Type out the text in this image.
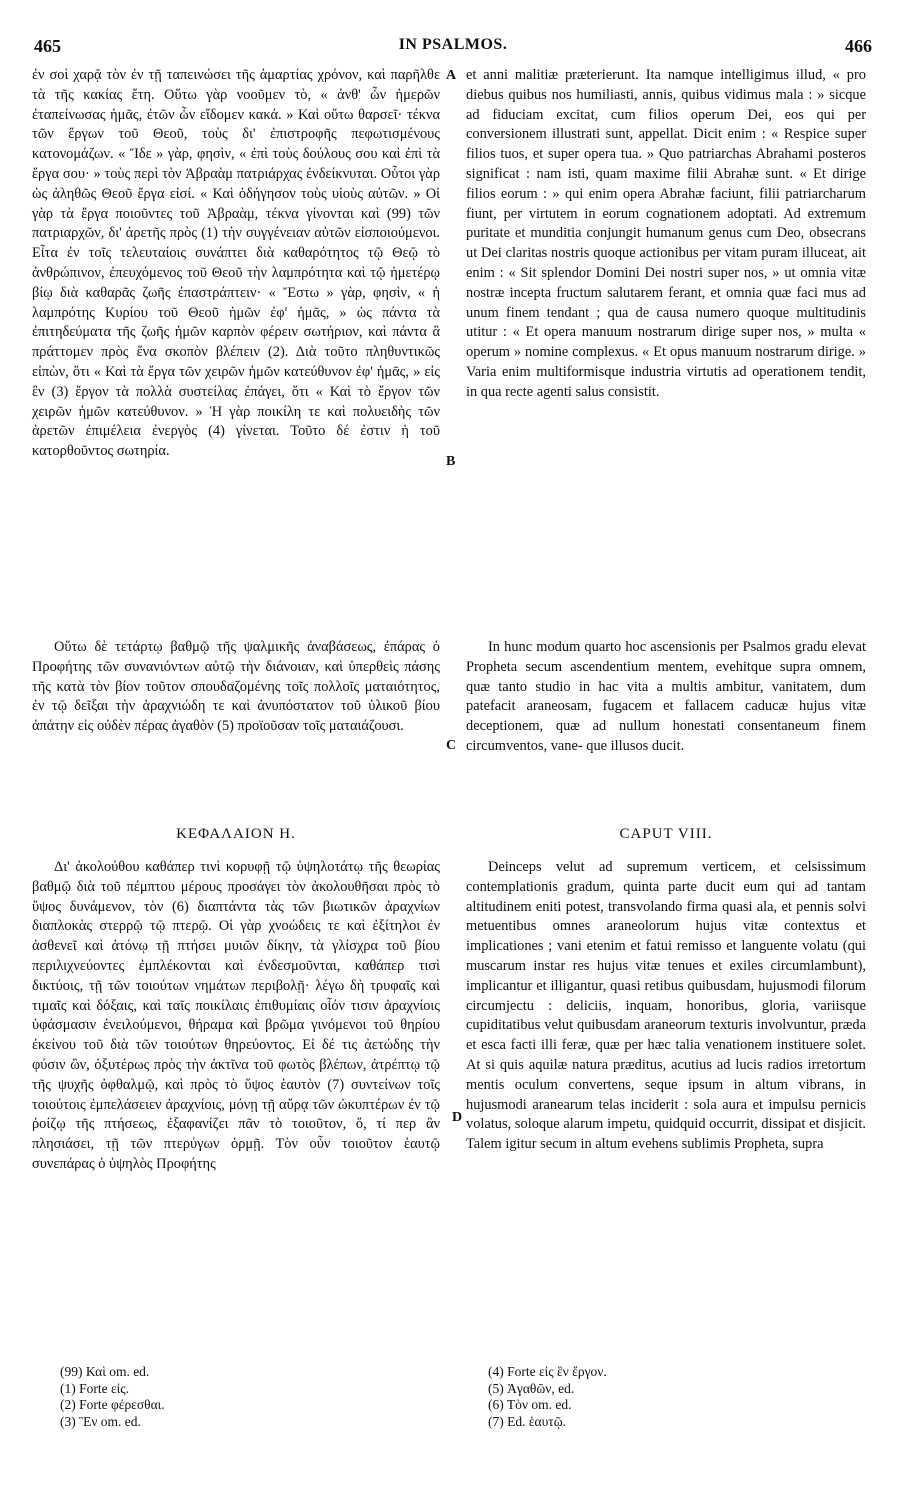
465	IN PSALMOS.	466

ἐν σοὶ χαρᾷ τὸν ἐν τῇ ταπεινώσει τῆς ἁμαρτίας χρόνον, καὶ παρῆλθε τὰ τῆς κακίας ἔτη. Οὕτω γὰρ νοοῦμεν τὸ, « ἀνθ' ὧν ἡμερῶν ἐταπείνωσας ἡμᾶς, ἐτῶν ὧν εἴδομεν κακά. » Καὶ οὕτω θαρσεῖ· τέκνα τῶν ἔργων τοῦ Θεοῦ, τοὺς δι' ἐπιστροφῆς πεφωτισμένους κατονομάζων. « Ἴδε » γὰρ, φησὶν, « ἐπὶ τοὺς δούλους σου καὶ ἐπὶ τὰ ἔργα σου· » τοὺς περὶ τὸν Ἀβραὰμ πατριάρχας ἐνδείκνυται. Οὗτοι γὰρ ὡς ἀληθῶς Θεοῦ ἔργα εἰσί. « Καὶ ὁδήγησον τοὺς υἱοὺς αὐτῶν. » Οἱ γὰρ τὰ ἔργα ποιοῦντες τοῦ Ἀβραὰμ, τέκνα γίνονται καὶ (99) τῶν πατριαρχῶν, δι' ἀρετῆς πρὸς (1) τὴν συγγένειαν αὐτῶν εἰσποιούμενοι. Εἶτα ἐν τοῖς τελευταίοις συνάπτει διὰ καθαρότητος τῷ Θεῷ τὸ ἀνθρώπινον, ἐπευχόμενος τοῦ Θεοῦ τὴν λαμπρότητα καὶ τῷ ἡμετέρῳ βίῳ διὰ καθαρᾶς ζωῆς ἐπαστράπτειν· « Ἔστω » γὰρ, φησὶν, « ἡ λαμπρότης Κυρίου τοῦ Θεοῦ ἡμῶν ἐφ' ἡμᾶς, » ὡς πάντα τὰ ἐπιτηδεύματα τῆς ζωῆς ἡμῶν καρπὸν φέρειν σωτήριον, καὶ πάντα ἃ πράττομεν πρὸς ἕνα σκοπὸν βλέπειν (2). Διὰ τοῦτο πληθυντικῶς εἰπὼν, ὅτι « Καὶ τὰ ἔργα τῶν χειρῶν ἡμῶν κατεύθυνον ἐφ' ἡμᾶς, » εἰς ἓν (3) ἔργον τὰ πολλὰ συστείλας ἐπάγει, ὅτι « Καὶ τὸ ἔργον τῶν χειρῶν ἡμῶν κατεύθυνον. » Ἡ γὰρ ποικίλη τε καὶ πολυειδὴς τῶν ἀρετῶν ἐπιμέλεια ἐνεργὸς (4) γίνεται. Τοῦτο δέ ἐστιν ἡ τοῦ κατορθοῦντος σωτηρία.

A
B

et anni malitiæ præterierunt. Ita namque intelligimus illud, « pro diebus quibus nos humiliasti, annis, quibus vidimus mala : » sicque ad fiduciam excitat, cum filios operum Dei, eos qui per conversionem illustrati sunt, appellat. Dicit enim : « Respice super filios tuos, et super opera tua. » Quo patriarchas Abrahami posteros significat : nam isti, quam maxime filii Abrahæ sunt. « Et dirige filios eorum : » qui enim opera Abrahæ faciunt, filii patriarcharum fiunt, per virtutem in eorum cognationem adoptati. Ad extremum puritate et munditia conjungit humanum genus cum Deo, obsecrans ut Dei claritas nostris quoque actionibus per vitam puram illuceat, ait enim : « Sit splendor Domini Dei nostri super nos, » ut omnia vitæ nostræ incepta fructum salutarem ferant, et omnia quæ faci mus ad unum finem tendant ; qua de causa numero quoque multitudinis utitur : « Et opera manuum nostrarum dirige super nos, » multa « operum » nomine complexus. « Et opus manuum nostrarum dirige. » Varia enim multiformisque industria virtutis ad operationem tendit, in qua recte agenti salus consistit.

Οὕτω δὲ τετάρτῳ βαθμῷ τῆς ψαλμικῆς ἀναβάσεως, ἐπάρας ὁ Προφήτης τῶν συνανιόντων αὐτῷ τὴν διάνοιαν, καὶ ὑπερθεὶς πάσης τῆς κατὰ τὸν βίον τοῦτον σπουδαζομένης τοῖς πολλοῖς ματαιότητος, ἐν τῷ δεῖξαι τὴν ἀραχνιώδη τε καὶ ἀνυπόστατον τοῦ ὑλικοῦ βίου ἀπάτην εἰς οὐδὲν πέρας ἀγαθὸν (5) προϊοῦσαν τοῖς ματαιάζουσι.

C

In hunc modum quarto hoc ascensionis per Psalmos gradu elevat Propheta secum ascendentium mentem, evehitque supra omnem, quæ tanto studio in hac vita a multis ambitur, vanitatem, dum patefacit araneosam, fugacem et fallacem caducæ hujus vitæ deceptionem, quæ ad nullum honestati consentaneum finem circumventos, vane- que illusos ducit.

ΚΕΦΑΛΑΙΟΝ Η.	CAPUT VIII.

Δι' ἀκολούθου καθάπερ τινὶ κορυφῇ τῷ ὑψηλοτάτῳ τῆς θεωρίας βαθμῷ διὰ τοῦ πέμπτου μέρους προσάγει τὸν ἀκολουθῆσαι πρὸς τὸ ὕψος δυνάμενον, τὸν (6) διαπτάντα τὰς τῶν βιωτικῶν ἀραχνίων διαπλοκὰς στερρῷ τῷ πτερῷ. Οἱ γὰρ χνοώδεις τε καὶ ἐξίτηλοι ἐν ἀσθενεῖ καὶ ἀτόνῳ τῇ πτήσει μυιῶν δίκην, τὰ γλίσχρα τοῦ βίου περιλιχνεύοντες ἐμπλέκονται καὶ ἐνδεσμοῦνται, καθάπερ τισὶ δικτύοις, τῇ τῶν τοιούτων νημάτων περιβολῇ· λέγω δὴ τρυφαῖς καὶ τιμαῖς καὶ δόξαις, καὶ ταῖς ποικίλαις ἐπιθυμίαις οἷόν τισιν ἀραχνίοις ὑφάσμασιν ἐνειλούμενοι, θήραμα καὶ βρῶμα γινόμενοι τοῦ θηρίου ἐκείνου τοῦ διὰ τῶν τοιούτων θηρεύοντος. Εἰ δέ τις ἀετώδης τὴν φύσιν ὢν, ὀξυτέρως πρὸς τὴν ἀκτῖνα τοῦ φωτὸς βλέπων, ἀτρέπτῳ τῷ τῆς ψυχῆς ὀφθαλμῷ, καὶ πρὸς τὸ ὕψος ἑαυτὸν (7) συντείνων τοῖς τοιούτοις ἐμπελάσειεν ἀραχνίοις, μόνῃ τῇ αὔρᾳ τῶν ὠκυπτέρων ἐν τῷ ῥοίζῳ τῆς πτήσεως, ἐξαφανίζει πᾶν τὸ τοιοῦτον, ὅ, τί περ ἂν πλησιάσει, τῇ τῶν πτερύγων ὁρμῇ. Τὸν οὖν τοιοῦτον ἑαυτῷ συνεπάρας ὁ ὑψηλὸς Προφήτης

D

Deinceps velut ad supremum verticem, et celsissimum contemplationis gradum, quinta parte ducit eum qui ad tantam altitudinem eniti potest, transvolando firma quasi ala, et pennis solvi metuentibus omnes araneolorum hujus vitæ contextus et implicationes ; vani etenim et fatui remisso et languente volatu (qui muscarum instar res hujus vitæ tenues et exiles circumlambunt), implicantur et illigantur, quasi retibus quibusdam, hujusmodi filorum circumjectu : deliciis, inquam, honoribus, gloria, variisque cupiditatibus velut quibusdam araneorum texturis involvuntur, præda et esca facti illi feræ, quæ per hæc talia venationem instituere solet. At si quis aquilæ natura præditus, acutius ad lucis radios irretortum mentis oculum convertens, seque ipsum in altum vibrans, in hujusmodi aranearum telas inciderit : sola aura et impulsu pernicis volatus, soloque alarum impetu, quidquid occurrit, dissipat et disjicit. Talem igitur secum in altum evehens sublimis Propheta, supra

(99) Καὶ om. ed.
(1) Forte εἰς.
(2) Forte φέρεσθαι.
(3) Ἓν om. ed.
(4) Forte εἰς ἓν ἔργον.
(5) Ἀγαθῶν, ed.
(6) Τὸν om. ed.
(7) Ed. ἑαυτῷ.
